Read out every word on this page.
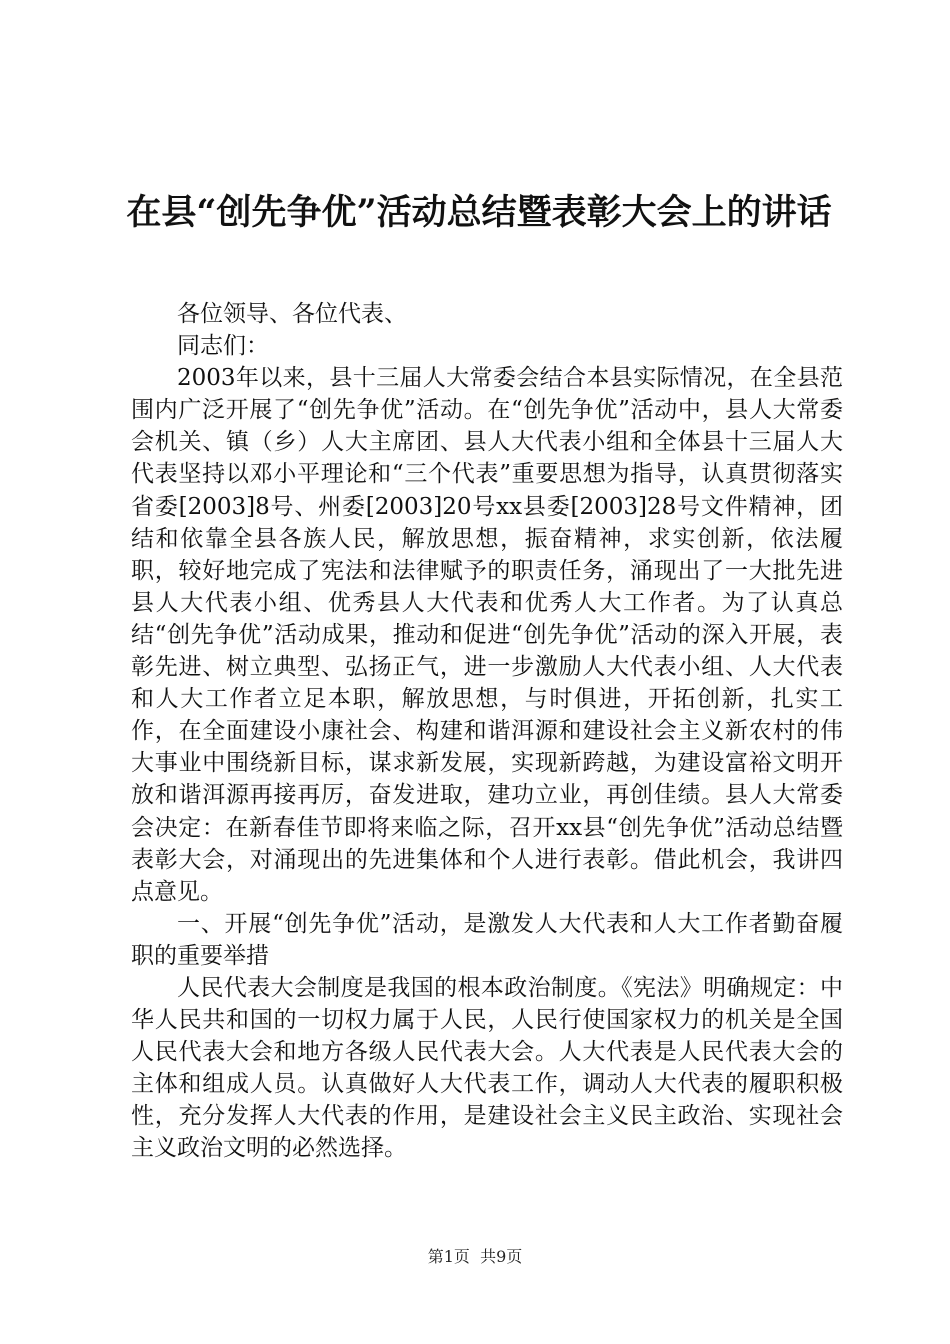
在县“创先争优”活动总结暨表彰大会上的讲话

各位领导、各位代表、

同志们：

2003年以来，县十三届人大常委会结合本县实际情况，在全县范围内广泛开展了“创先争优”活动。在“创先争优”活动中，县人大常委会机关、镇（乡）人大主席团、县人大代表小组和全体县十三届人大代表坚持以邓小平理论和“三个代表”重要思想为指导，认真贯彻落实省委[2003]8号、州委[2003]20号xx县委[2003]28号文件精神，团结和依靠全县各族人民，解放思想，振奋精神，求实创新，依法履职，较好地完成了宪法和法律赋予的职责任务，涌现出了一大批先进县人大代表小组、优秀县人大代表和优秀人大工作者。为了认真总结“创先争优”活动成果，推动和促进“创先争优”活动的深入开展，表彰先进、树立典型、弘扬正气，进一步激励人大代表小组、人大代表和人大工作者立足本职，解放思想，与时俱进，开拓创新，扎实工作，在全面建设小康社会、构建和谐洱源和建设社会主义新农村的伟大事业中围绕新目标，谋求新发展，实现新跨越，为建设富裕文明开放和谐洱源再接再厉，奋发进取，建功立业，再创佳绩。县人大常委会决定：在新春佳节即将来临之际，召开xx县“创先争优”活动总结暨表彰大会，对涌现出的先进集体和个人进行表彰。借此机会，我讲四点意见。

一、开展“创先争优”活动，是激发人大代表和人大工作者勤奋履职的重要举措

人民代表大会制度是我国的根本政治制度。《宪法》明确规定：中华人民共和国的一切权力属于人民，人民行使国家权力的机关是全国人民代表大会和地方各级人民代表大会。人大代表是人民代表大会的主体和组成人员。认真做好人大代表工作，调动人大代表的履职积极性，充分发挥人大代表的作用，是建设社会主义民主政治、实现社会主义政治文明的必然选择。

第1页  共9页
